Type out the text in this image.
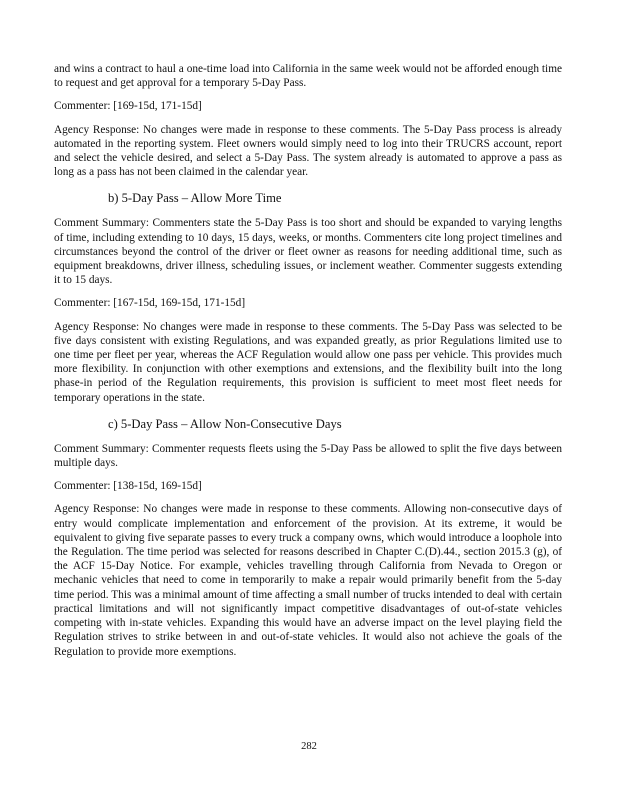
and wins a contract to haul a one-time load into California in the same week would not be afforded enough time to request and get approval for a temporary 5-Day Pass.

Commenter: [169-15d, 171-15d]

Agency Response: No changes were made in response to these comments. The 5-Day Pass process is already automated in the reporting system. Fleet owners would simply need to log into their TRUCRS account, report and select the vehicle desired, and select a 5-Day Pass. The system already is automated to approve a pass as long as a pass has not been claimed in the calendar year.

b) 5-Day Pass – Allow More Time

Comment Summary: Commenters state the 5-Day Pass is too short and should be expanded to varying lengths of time, including extending to 10 days, 15 days, weeks, or months. Commenters cite long project timelines and circumstances beyond the control of the driver or fleet owner as reasons for needing additional time, such as equipment breakdowns, driver illness, scheduling issues, or inclement weather. Commenter suggests extending it to 15 days.

Commenter: [167-15d, 169-15d, 171-15d]

Agency Response: No changes were made in response to these comments. The 5-Day Pass was selected to be five days consistent with existing Regulations, and was expanded greatly, as prior Regulations limited use to one time per fleet per year, whereas the ACF Regulation would allow one pass per vehicle. This provides much more flexibility. In conjunction with other exemptions and extensions, and the flexibility built into the long phase-in period of the Regulation requirements, this provision is sufficient to meet most fleet needs for temporary operations in the state.

c) 5-Day Pass – Allow Non-Consecutive Days

Comment Summary: Commenter requests fleets using the 5-Day Pass be allowed to split the five days between multiple days.

Commenter: [138-15d, 169-15d]

Agency Response: No changes were made in response to these comments. Allowing non-consecutive days of entry would complicate implementation and enforcement of the provision. At its extreme, it would be equivalent to giving five separate passes to every truck a company owns, which would introduce a loophole into the Regulation. The time period was selected for reasons described in Chapter C.(D).44., section 2015.3 (g), of the ACF 15-Day Notice. For example, vehicles travelling through California from Nevada to Oregon or mechanic vehicles that need to come in temporarily to make a repair would primarily benefit from the 5-day time period. This was a minimal amount of time affecting a small number of trucks intended to deal with certain practical limitations and will not significantly impact competitive disadvantages of out-of-state vehicles competing with in-state vehicles. Expanding this would have an adverse impact on the level playing field the Regulation strives to strike between in and out-of-state vehicles. It would also not achieve the goals of the Regulation to provide more exemptions.

282
